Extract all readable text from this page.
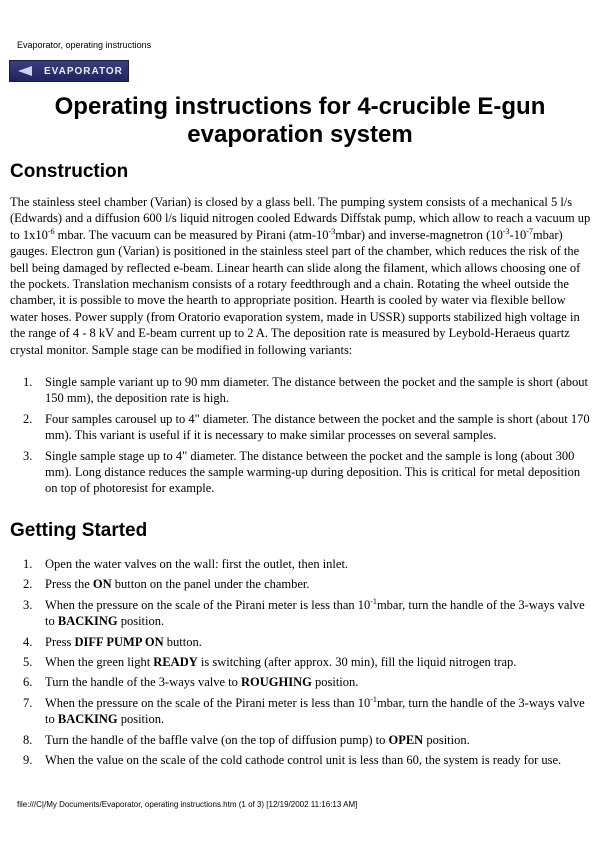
Evaporator, operating instructions
EVAPORATOR
Operating instructions for 4-crucible E-gun evaporation system
Construction

The stainless steel chamber (Varian) is closed by a glass bell. The pumping system consists of a mechanical 5 l/s (Edwards) and a diffusion 600 l/s liquid nitrogen cooled Edwards Diffstak pump, which allow to reach a vacuum up to $1x10^{-6}$ mbar. The vacuum can be measured by Pirani $(atm-10^{-3}mbar)$ and inverse-magnetron $(10^{-3}-10^{-7}mbar)$ gauges. Electron gun (Varian) is positioned in the stainless steel part of the chamber, which reduces the risk of the bell being damaged by reflected e-beam. Linear hearth can slide along the filament, which allows choosing one of the pockets. Translation mechanism consists of a rotary feedthrough and a chain. Rotating the wheel outside the chamber, it is possible to move the hearth to appropriate position. Hearth is cooled by water via flexible bellow water hoses. Power supply (from Oratorio evaporation system, made in USSR) supports stabilized high voltage in the range of 4 - 8 kV and E-beam current up to 2 A. The deposition rate is measured by Leybold-Heraeus quartz crystal monitor. Sample stage can be modified in following variants:

1. Single sample variant up to 90 mm diameter. The distance between the pocket and the sample is short (about 150 mm), the deposition rate is high.
2. Four samples carousel up to 4" diameter. The distance between the pocket and the sample is short (about 170 mm). This variant is useful if it is necessary to make similar processes on several samples.
3. Single sample stage up to 4" diameter. The distance between the pocket and the sample is long (about 300 mm). Long distance reduces the sample warming-up during deposition. This is critical for metal deposition on top of photoresist for example.
Getting Started
1. Open the water valves on the wall: first the outlet, then inlet.
2. Press the ON button on the panel under the chamber.
3. When the pressure on the scale of the Pirani meter is less than $10^{-1}mbar$, turn the handle of the 3-ways valve to BACKING position.
4. Press DIFF PUMP ON button.
5. When the green light READY is switching (after approx. 30 min), fill the liquid nitrogen trap.
6. Turn the handle of the 3-ways valve to ROUGHING position.
7. When the pressure on the scale of the Pirani meter is less than $10^{-1}mbar$, turn the handle of the 3-ways valve to BACKING position.
8. Turn the handle of the baffle valve (on the top of diffusion pump) to OPEN position.
9. When the value on the scale of the cold cathode control unit is less than 60, the system is ready for use.
file:///C|/My Documents/Evaporator, operating instructions.htm (1 of 3) [12/19/2002 11:16:13 AM]
